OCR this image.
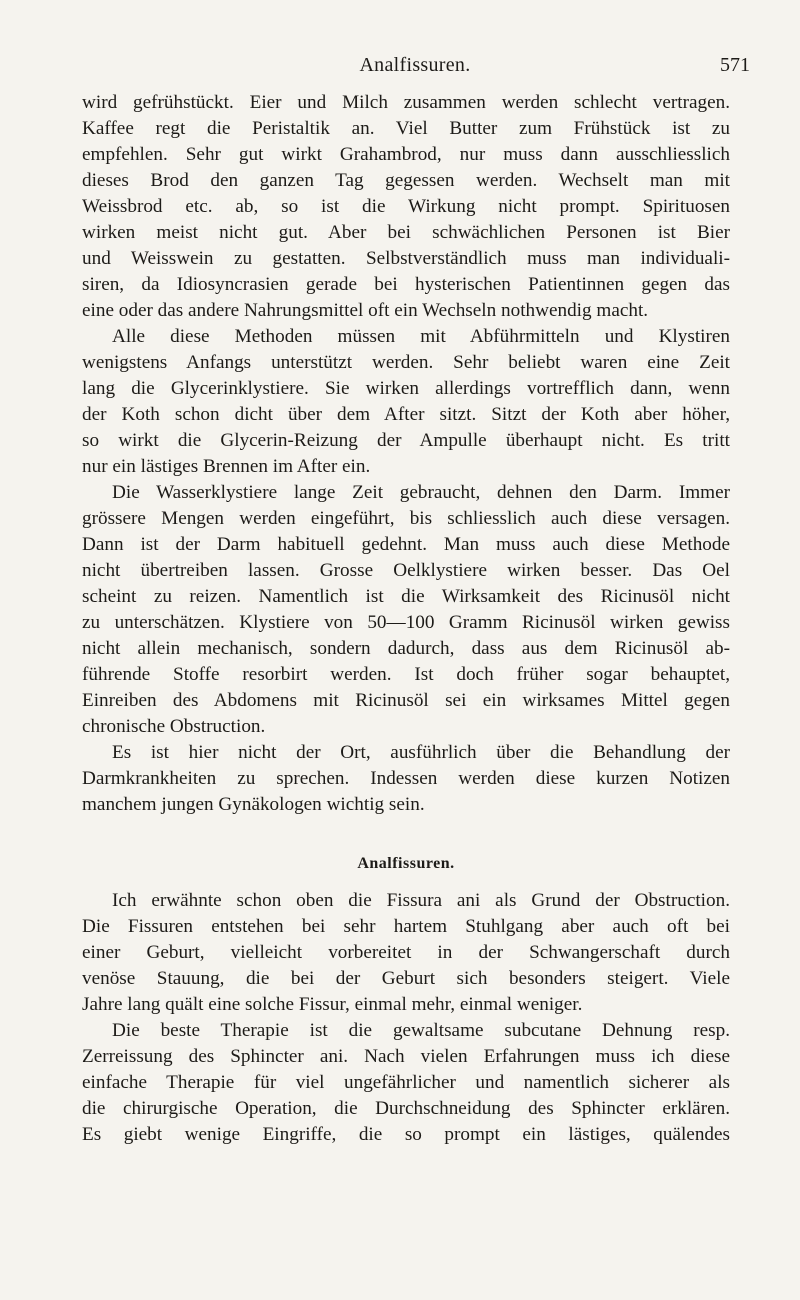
Analfissuren.	571
wird gefrühstückt. Eier und Milch zusammen werden schlecht vertragen.
Kaffee regt die Peristaltik an. Viel Butter zum Frühstück ist zu
empfehlen. Sehr gut wirkt Grahambrod, nur muss dann ausschliesslich
dieses Brod den ganzen Tag gegessen werden. Wechselt man mit
Weissbrod etc. ab, so ist die Wirkung nicht prompt. Spirituosen
wirken meist nicht gut. Aber bei schwächlichen Personen ist Bier
und Weisswein zu gestatten. Selbstverständlich muss man individuali-
siren, da Idiosyncrasien gerade bei hysterischen Patientinnen gegen das
eine oder das andere Nahrungsmittel oft ein Wechseln nothwendig macht.
Alle diese Methoden müssen mit Abführmitteln und Klystiren
wenigstens Anfangs unterstützt werden. Sehr beliebt waren eine Zeit
lang die Glycerinklystiere. Sie wirken allerdings vortrefflich dann, wenn
der Koth schon dicht über dem After sitzt. Sitzt der Koth aber höher,
so wirkt die Glycerin-Reizung der Ampulle überhaupt nicht. Es tritt
nur ein lästiges Brennen im After ein.
Die Wasserklystiere lange Zeit gebraucht, dehnen den Darm. Immer
grössere Mengen werden eingeführt, bis schliesslich auch diese versagen.
Dann ist der Darm habituell gedehnt. Man muss auch diese Methode
nicht übertreiben lassen. Grosse Oelklystiere wirken besser. Das Oel
scheint zu reizen. Namentlich ist die Wirksamkeit des Ricinusöl nicht
zu unterschätzen. Klystiere von 50—100 Gramm Ricinusöl wirken gewiss
nicht allein mechanisch, sondern dadurch, dass aus dem Ricinusöl ab-
führende Stoffe resorbirt werden. Ist doch früher sogar behauptet,
Einreiben des Abdomens mit Ricinusöl sei ein wirksames Mittel gegen
chronische Obstruction.
Es ist hier nicht der Ort, ausführlich über die Behandlung der
Darmkrankheiten zu sprechen. Indessen werden diese kurzen Notizen
manchem jungen Gynäkologen wichtig sein.
Analfissuren.
Ich erwähnte schon oben die Fissura ani als Grund der Obstruction.
Die Fissuren entstehen bei sehr hartem Stuhlgang aber auch oft bei
einer Geburt, vielleicht vorbereitet in der Schwangerschaft durch
venöse Stauung, die bei der Geburt sich besonders steigert. Viele
Jahre lang quält eine solche Fissur, einmal mehr, einmal weniger.
Die beste Therapie ist die gewaltsame subcutane Dehnung resp.
Zerreissung des Sphincter ani. Nach vielen Erfahrungen muss ich diese
einfache Therapie für viel ungefährlicher und namentlich sicherer als
die chirurgische Operation, die Durchschneidung des Sphincter erklären.
Es giebt wenige Eingriffe, die so prompt ein lästiges, quälendes
